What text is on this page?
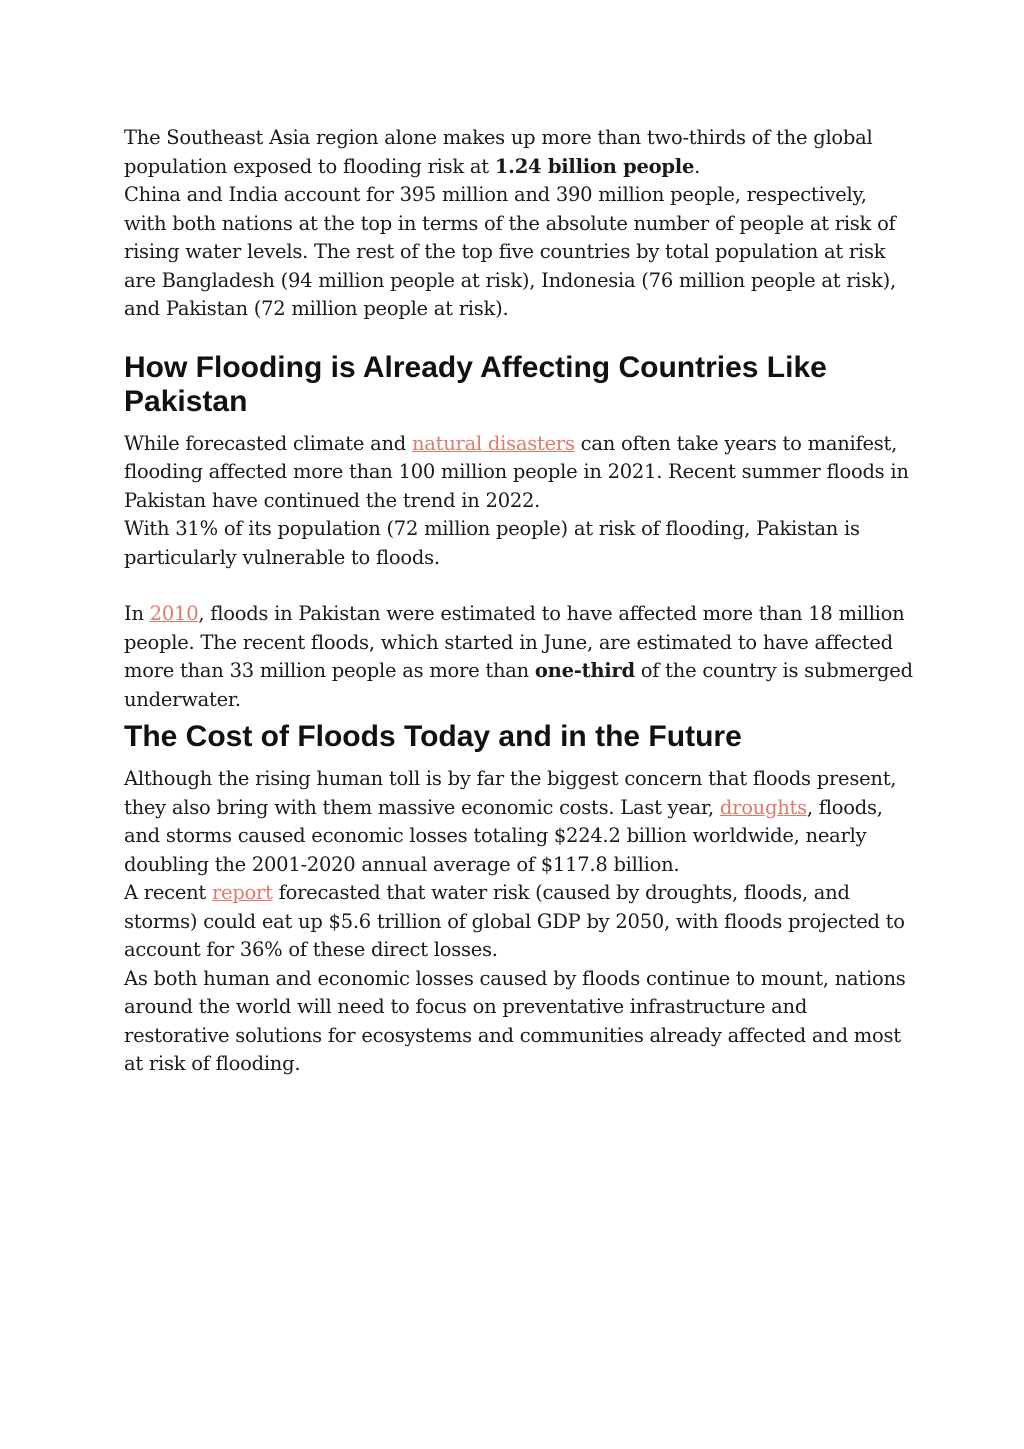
The Southeast Asia region alone makes up more than two-thirds of the global population exposed to flooding risk at 1.24 billion people.

China and India account for 395 million and 390 million people, respectively, with both nations at the top in terms of the absolute number of people at risk of rising water levels. The rest of the top five countries by total population at risk are Bangladesh (94 million people at risk), Indonesia (76 million people at risk), and Pakistan (72 million people at risk).

How Flooding is Already Affecting Countries Like Pakistan

While forecasted climate and natural disasters can often take years to manifest, flooding affected more than 100 million people in 2021. Recent summer floods in Pakistan have continued the trend in 2022.

With 31% of its population (72 million people) at risk of flooding, Pakistan is particularly vulnerable to floods.

In 2010, floods in Pakistan were estimated to have affected more than 18 million people. The recent floods, which started in June, are estimated to have affected more than 33 million people as more than one-third of the country is submerged underwater.

The Cost of Floods Today and in the Future

Although the rising human toll is by far the biggest concern that floods present, they also bring with them massive economic costs. Last year, droughts, floods, and storms caused economic losses totaling $224.2 billion worldwide, nearly doubling the 2001-2020 annual average of $117.8 billion.

A recent report forecasted that water risk (caused by droughts, floods, and storms) could eat up $5.6 trillion of global GDP by 2050, with floods projected to account for 36% of these direct losses.

As both human and economic losses caused by floods continue to mount, nations around the world will need to focus on preventative infrastructure and restorative solutions for ecosystems and communities already affected and most at risk of flooding.
